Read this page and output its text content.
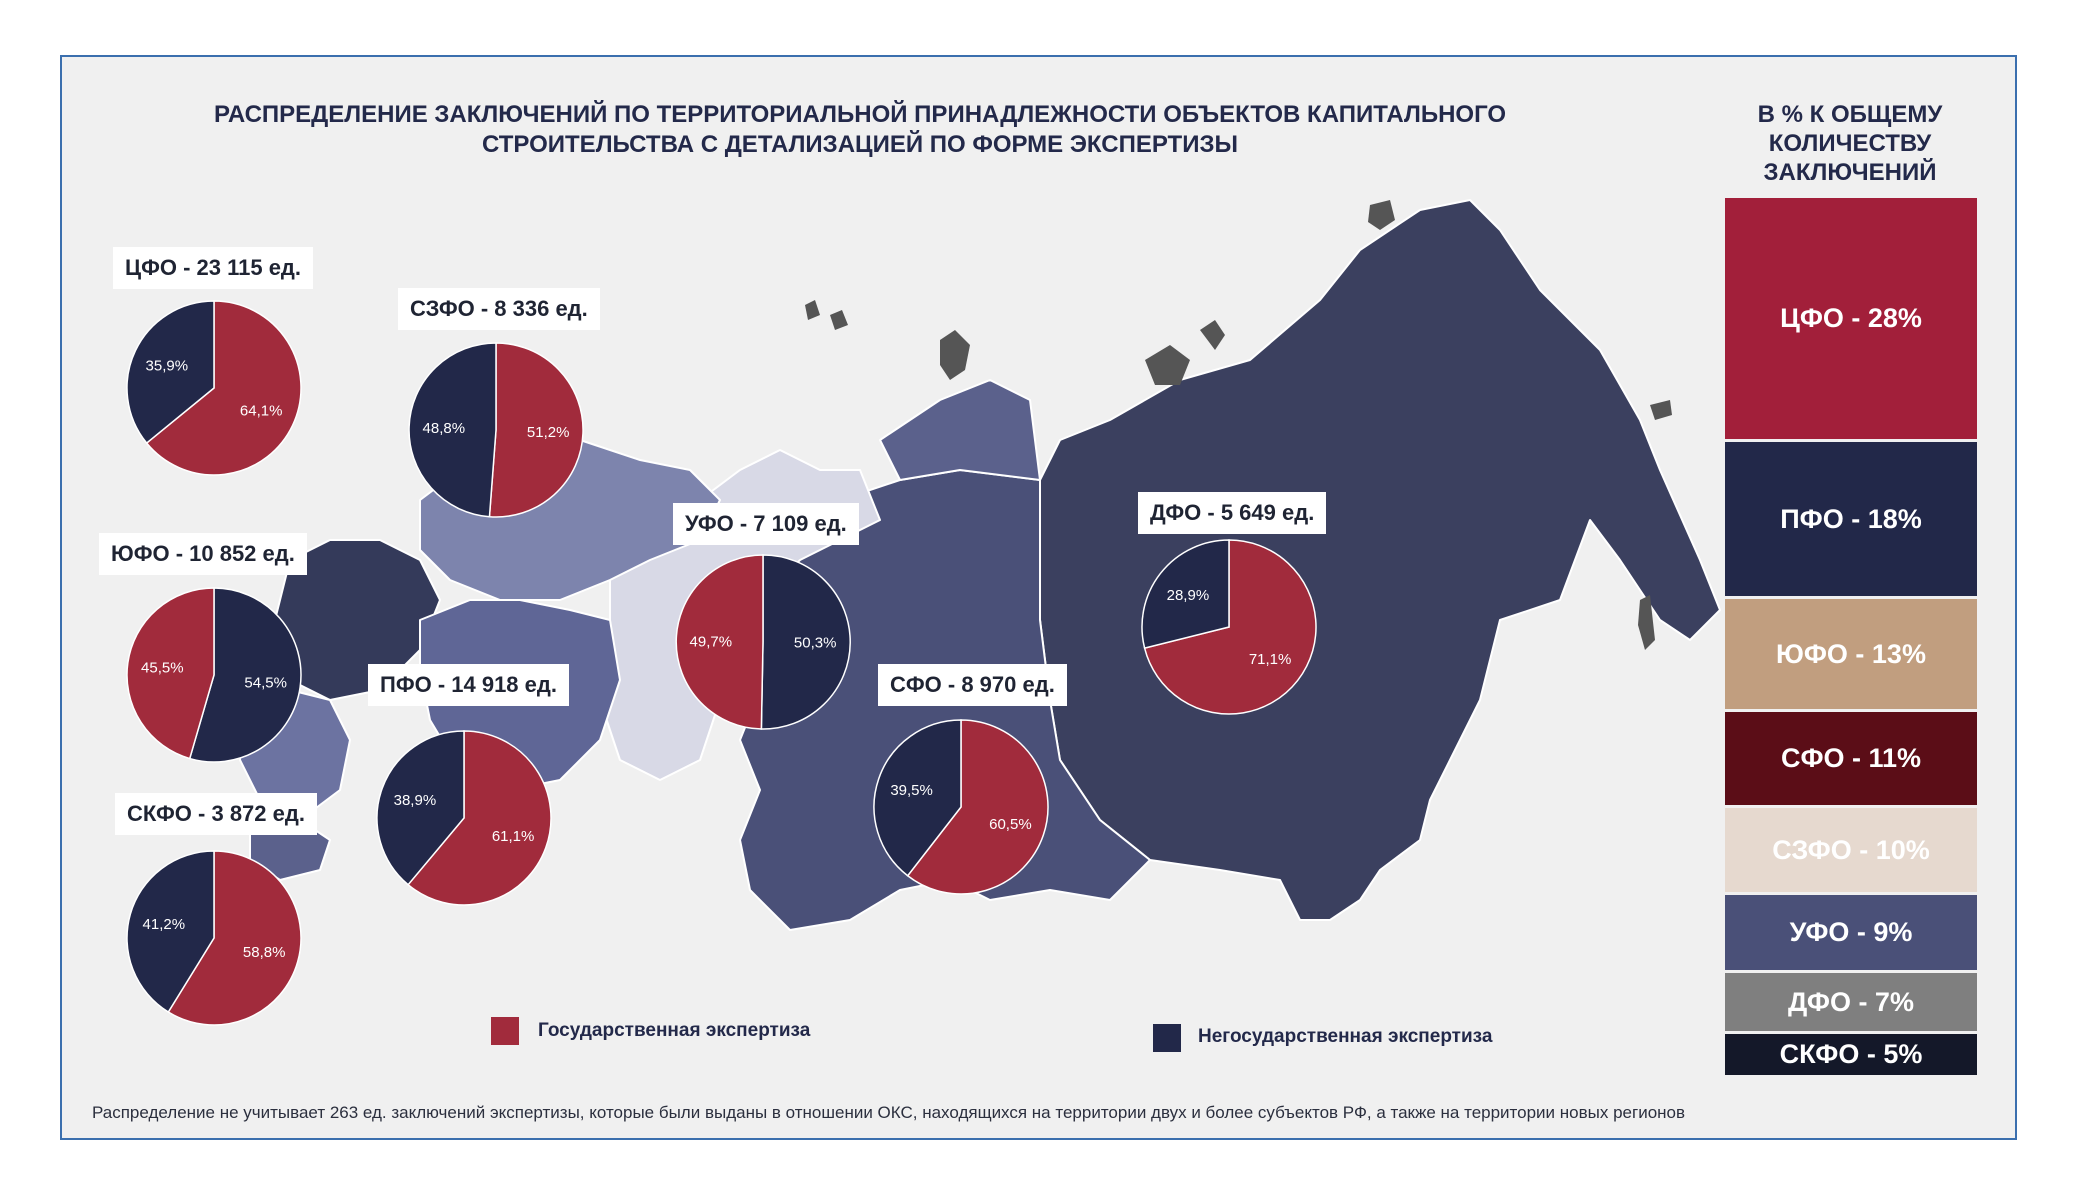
РАСПРЕДЕЛЕНИЕ ЗАКЛЮЧЕНИЙ ПО ТЕРРИТОРИАЛЬНОЙ ПРИНАДЛЕЖНОСТИ ОБЪЕКТОВ КАПИТАЛЬНОГО
СТРОИТЕЛЬСТВА С ДЕТАЛИЗАЦИЕЙ ПО ФОРМЕ ЭКСПЕРТИЗЫ
В % К ОБЩЕМУ КОЛИЧЕСТВУ ЗАКЛЮЧЕНИЙ
64,1%
35,9%
51,2%
48,8%
54,5%
45,5%
61,1%
38,9%
58,8%
41,2%
50,3%
49,7%
60,5%
39,5%
71,1%
28,9%
ЦФО - 23 115 ед.
СЗФО - 8 336 ед.
ЮФО - 10 852 ед.
ПФО - 14 918 ед.
СКФО - 3 872 ед.
УФО - 7 109 ед.
СФО - 8 970 ед.
ДФО - 5 649 ед.
Государственная экспертиза	Негосударственная экспертиза
Распределение не учитывает 263 ед. заключений экспертизы, которые были выданы в отношении ОКС, находящихся на территории двух и более субъектов РФ, а также на территории новых регионов
ЦФО - 28%
ПФО - 18%
ЮФО - 13%
СФО - 11%
СЗФО - 10%
УФО - 9%
ДФО - 7%
СКФО - 5%
